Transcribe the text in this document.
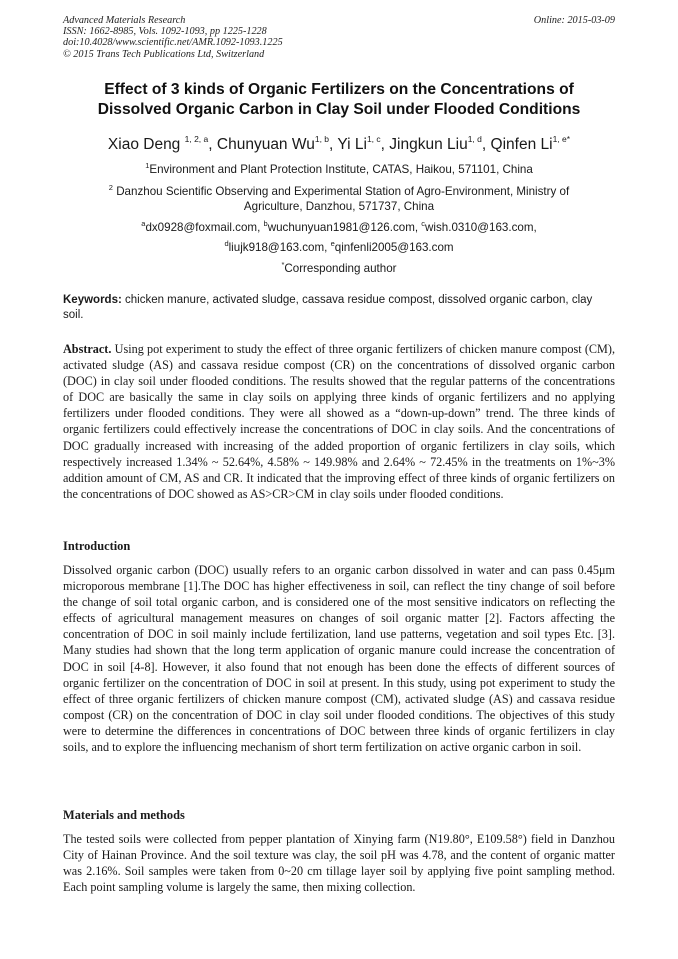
Advanced Materials Research
ISSN: 1662-8985, Vols. 1092-1093, pp 1225-1228
doi:10.4028/www.scientific.net/AMR.1092-1093.1225
© 2015 Trans Tech Publications Ltd, Switzerland
Online: 2015-03-09
Effect of 3 kinds of Organic Fertilizers on the Concentrations of
Dissolved Organic Carbon in Clay Soil under Flooded Conditions
Xiao Deng $^{1, 2, a}$, Chunyuan Wu$^{1, b}$, Yi Li$^{1, c}$, Jingkun Liu$^{1, d}$, Qinfen $Li^{1, e*}$
$^1$Environment and Plant Protection Institute, CATAS, Haikou, 571101, China
$^2$ Danzhou Scientific Observing and Experimental Station of Agro-Environment, Ministry of
Agriculture, Danzhou, 571737, China
$^a$dx0928@foxmail.com, $^b$wuchunyuan1981@126.com, $^c$wish.0310@163.com,
$^d$liujk918@163.com, $^e$qinfenli2005@163.com
*Corresponding author
Keywords: chicken manure, activated sludge, cassava residue compost, dissolved organic carbon, clay soil.
Abstract. Using pot experiment to study the effect of three organic fertilizers of chicken manure compost (CM), activated sludge (AS) and cassava residue compost (CR) on the concentrations of dissolved organic carbon (DOC) in clay soil under flooded conditions. The results showed that the regular patterns of the concentrations of DOC are basically the same in clay soils on applying three kinds of organic fertilizers and no applying fertilizers under flooded conditions. They were all showed as a “down-up-down” trend. The three kinds of organic fertilizers could effectively increase the concentrations of DOC in clay soils. And the concentrations of DOC gradually increased with increasing of the added proportion of organic fertilizers in clay soils, which respectively increased 1.34% ~ 52.64%, 4.58% ~ 149.98% and 2.64% ~ 72.45% in the treatments on 1%~3% addition amount of CM, AS and CR. It indicated that the improving effect of three kinds of organic fertilizers on the concentrations of DOC showed as AS>CR>CM in clay soils under flooded conditions.
Introduction
Dissolved organic carbon (DOC) usually refers to an organic carbon dissolved in water and can pass 0.45μm microporous membrane [1].The DOC has higher effectiveness in soil, can reflect the tiny change of soil before the change of soil total organic carbon, and is considered one of the most sensitive indicators on reflecting the effects of agricultural management measures on changes of soil organic matter [2]. Factors affecting the concentration of DOC in soil mainly include fertilization, land use patterns, vegetation and soil types Etc. [3]. Many studies had shown that the long term application of organic manure could increase the concentration of DOC in soil [4-8]. However, it also found that not enough has been done the effects of different sources of organic fertilizer on the concentration of DOC in soil at present. In this study, using pot experiment to study the effect of three organic fertilizers of chicken manure compost (CM), activated sludge (AS) and cassava residue compost (CR) on the concentration of DOC in clay soil under flooded conditions. The objectives of this study were to determine the differences in concentrations of DOC between three kinds of organic fertilizers in clay soils, and to explore the influencing mechanism of short term fertilization on active organic carbon in soil.
Materials and methods
The tested soils were collected from pepper plantation of Xinying farm (N19.80°, E109.58°) field in Danzhou City of Hainan Province. And the soil texture was clay, the soil pH was 4.78, and the content of organic matter was 2.16%. Soil samples were taken from 0~20 cm tillage layer soil by applying five point sampling method. Each point sampling volume is largely the same, then mixing collection.
